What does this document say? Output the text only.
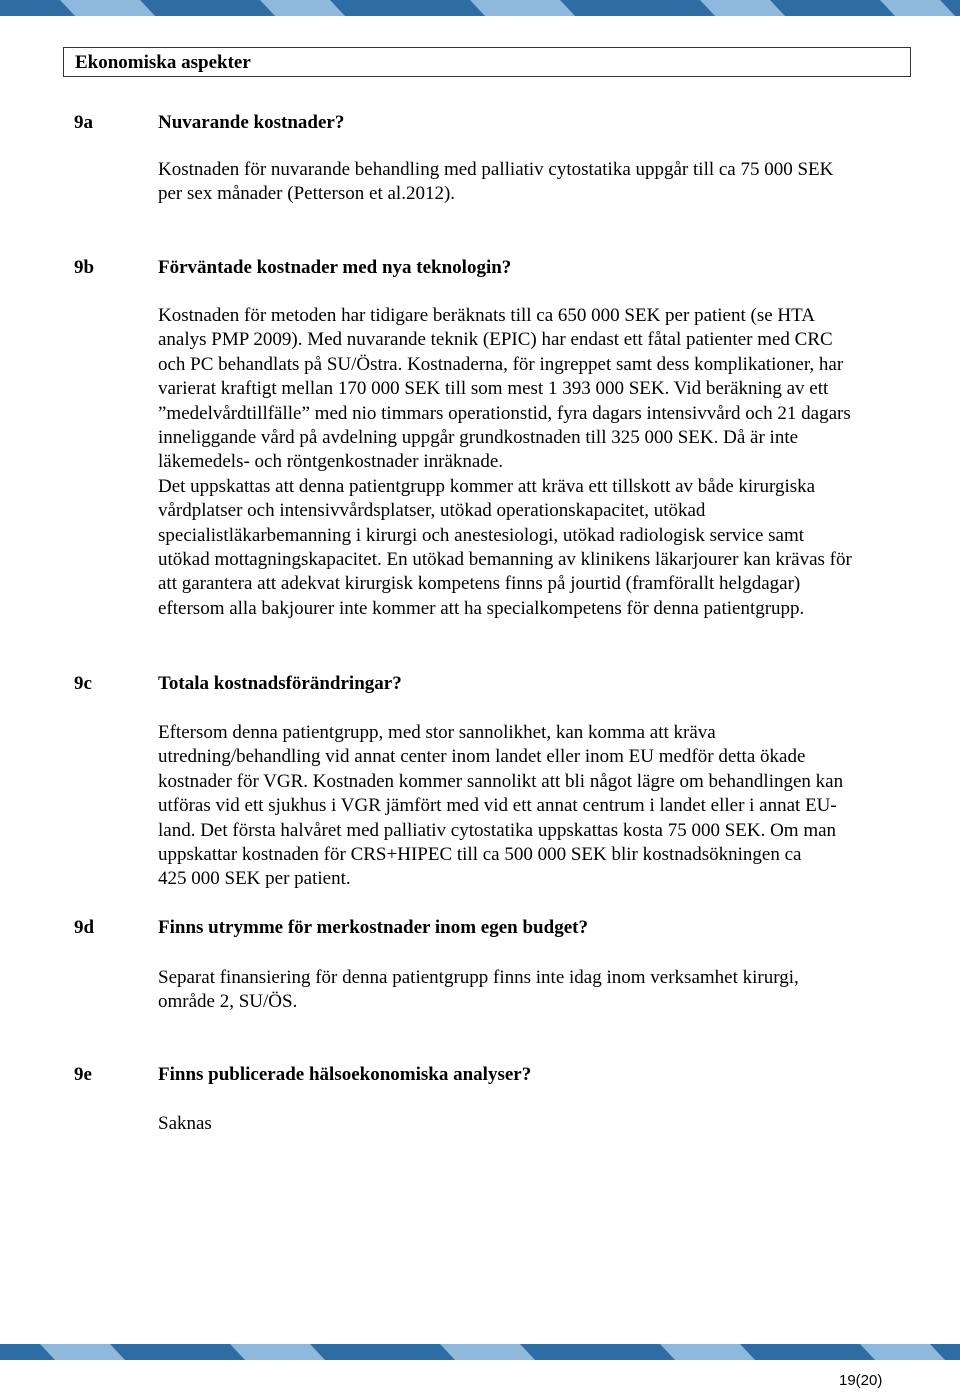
Ekonomiska aspekter
9a	Nuvarande kostnader?
Kostnaden för nuvarande behandling med palliativ cytostatika uppgår till ca 75 000 SEK
per sex månader (Petterson et al.2012).
9b	Förväntade kostnader med nya teknologin?
Kostnaden för metoden har tidigare beräknats till ca 650 000 SEK per patient (se HTA
analys PMP 2009). Med nuvarande teknik (EPIC) har endast ett fåtal patienter med CRC
och PC behandlats på SU/Östra. Kostnaderna, för ingreppet samt dess komplikationer, har
varierat kraftigt mellan 170 000 SEK till som mest 1 393 000 SEK. Vid beräkning av ett
”medelvårdtillfälle” med nio timmars operationstid, fyra dagars intensivvård och 21 dagars
inneliggande vård på avdelning uppgår grundkostnaden till 325 000 SEK. Då är inte
läkemedels- och röntgenkostnader inräknade.
Det uppskattas att denna patientgrupp kommer att kräva ett tillskott av både kirurgiska
vårdplatser och intensivvårdsplatser, utökad operationskapacitet, utökad
specialistläkarbemanning i kirurgi och anestesiologi, utökad radiologisk service samt
utökad mottagningskapacitet. En utökad bemanning av klinikens läkarjourer kan krävas för
att garantera att adekvat kirurgisk kompetens finns på jourtid (framförallt helgdagar)
eftersom alla bakjourer inte kommer att ha specialkompetens för denna patientgrupp.
9c	Totala kostnadsförändringar?
Eftersom denna patientgrupp, med stor sannolikhet, kan komma att kräva
utredning/behandling vid annat center inom landet eller inom EU medför detta ökade
kostnader för VGR. Kostnaden kommer sannolikt att bli något lägre om behandlingen kan
utföras vid ett sjukhus i VGR jämfört med vid ett annat centrum i landet eller i annat EU-
land. Det första halvåret med palliativ cytostatika uppskattas kosta 75 000 SEK. Om man
uppskattar kostnaden för CRS+HIPEC till ca 500 000 SEK blir kostnadsökningen ca
425 000 SEK per patient.
9d	Finns utrymme för merkostnader inom egen budget?
Separat finansiering för denna patientgrupp finns inte idag inom verksamhet kirurgi,
område 2, SU/ÖS.
9e	Finns publicerade hälsoekonomiska analyser?
Saknas
19(20)
